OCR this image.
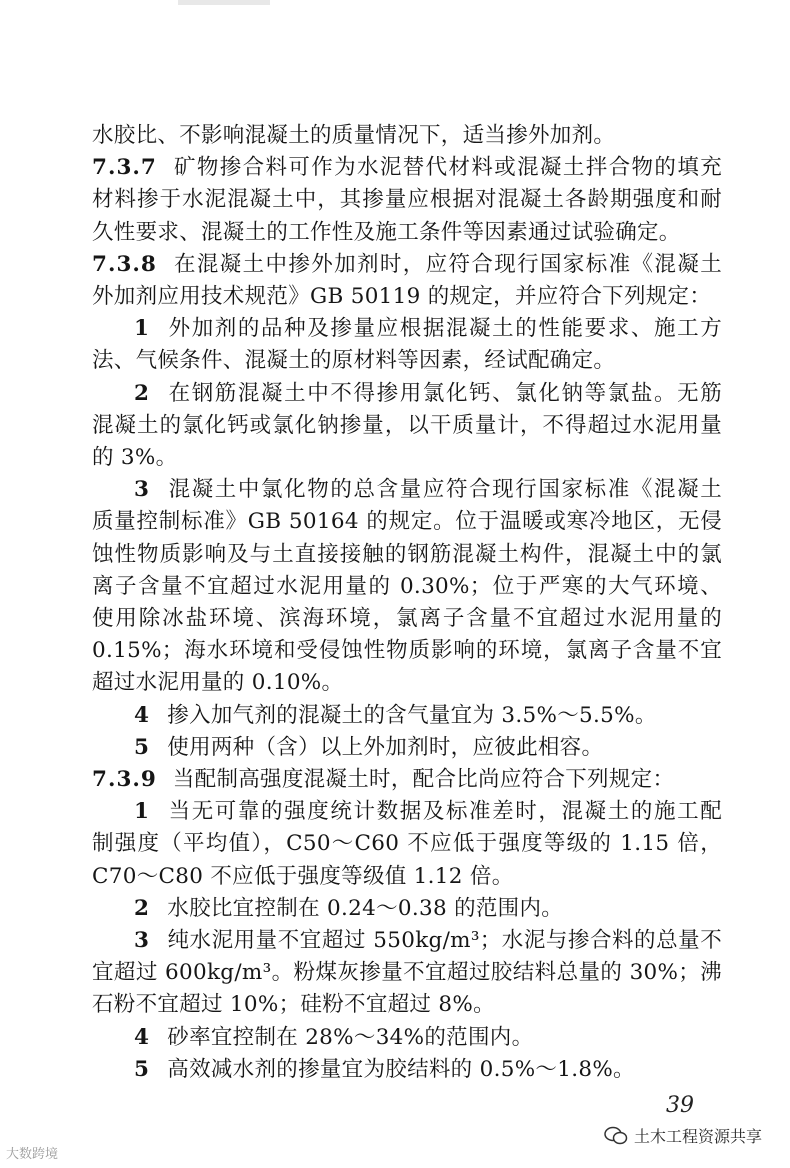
水胶比、不影响混凝土的质量情况下，适当掺外加剂。
7.3.7 矿物掺合料可作为水泥替代材料或混凝土拌合物的填充
材料掺于水泥混凝土中，其掺量应根据对混凝土各龄期强度和耐
久性要求、混凝土的工作性及施工条件等因素通过试验确定。
7.3.8 在混凝土中掺外加剂时，应符合现行国家标准《混凝土
外加剂应用技术规范》GB 50119 的规定，并应符合下列规定：
1 外加剂的品种及掺量应根据混凝土的性能要求、施工方
法、气候条件、混凝土的原材料等因素，经试配确定。
2 在钢筋混凝土中不得掺用氯化钙、氯化钠等氯盐。无筋
混凝土的氯化钙或氯化钠掺量，以干质量计，不得超过水泥用量
的 3%。
3 混凝土中氯化物的总含量应符合现行国家标准《混凝土
质量控制标准》GB 50164 的规定。位于温暖或寒冷地区，无侵
蚀性物质影响及与土直接接触的钢筋混凝土构件，混凝土中的氯
离子含量不宜超过水泥用量的 0.30%；位于严寒的大气环境、
使用除冰盐环境、滨海环境，氯离子含量不宜超过水泥用量的
0.15%；海水环境和受侵蚀性物质影响的环境，氯离子含量不宜
超过水泥用量的 0.10%。
4 掺入加气剂的混凝土的含气量宜为 3.5%～5.5%。
5 使用两种（含）以上外加剂时，应彼此相容。
7.3.9 当配制高强度混凝土时，配合比尚应符合下列规定：
1 当无可靠的强度统计数据及标准差时，混凝土的施工配
制强度（平均值），C50～C60 不应低于强度等级的 1.15 倍，
C70～C80 不应低于强度等级值 1.12 倍。
2 水胶比宜控制在 0.24～0.38 的范围内。
3 纯水泥用量不宜超过 550kg/m³；水泥与掺合料的总量不
宜超过 600kg/m³。粉煤灰掺量不宜超过胶结料总量的 30%；沸
石粉不宜超过 10%；硅粉不宜超过 8%。
4 砂率宜控制在 28%～34%的范围内。
5 高效减水剂的掺量宜为胶结料的 0.5%～1.8%。
39
大数跨境
土木工程资源共享
